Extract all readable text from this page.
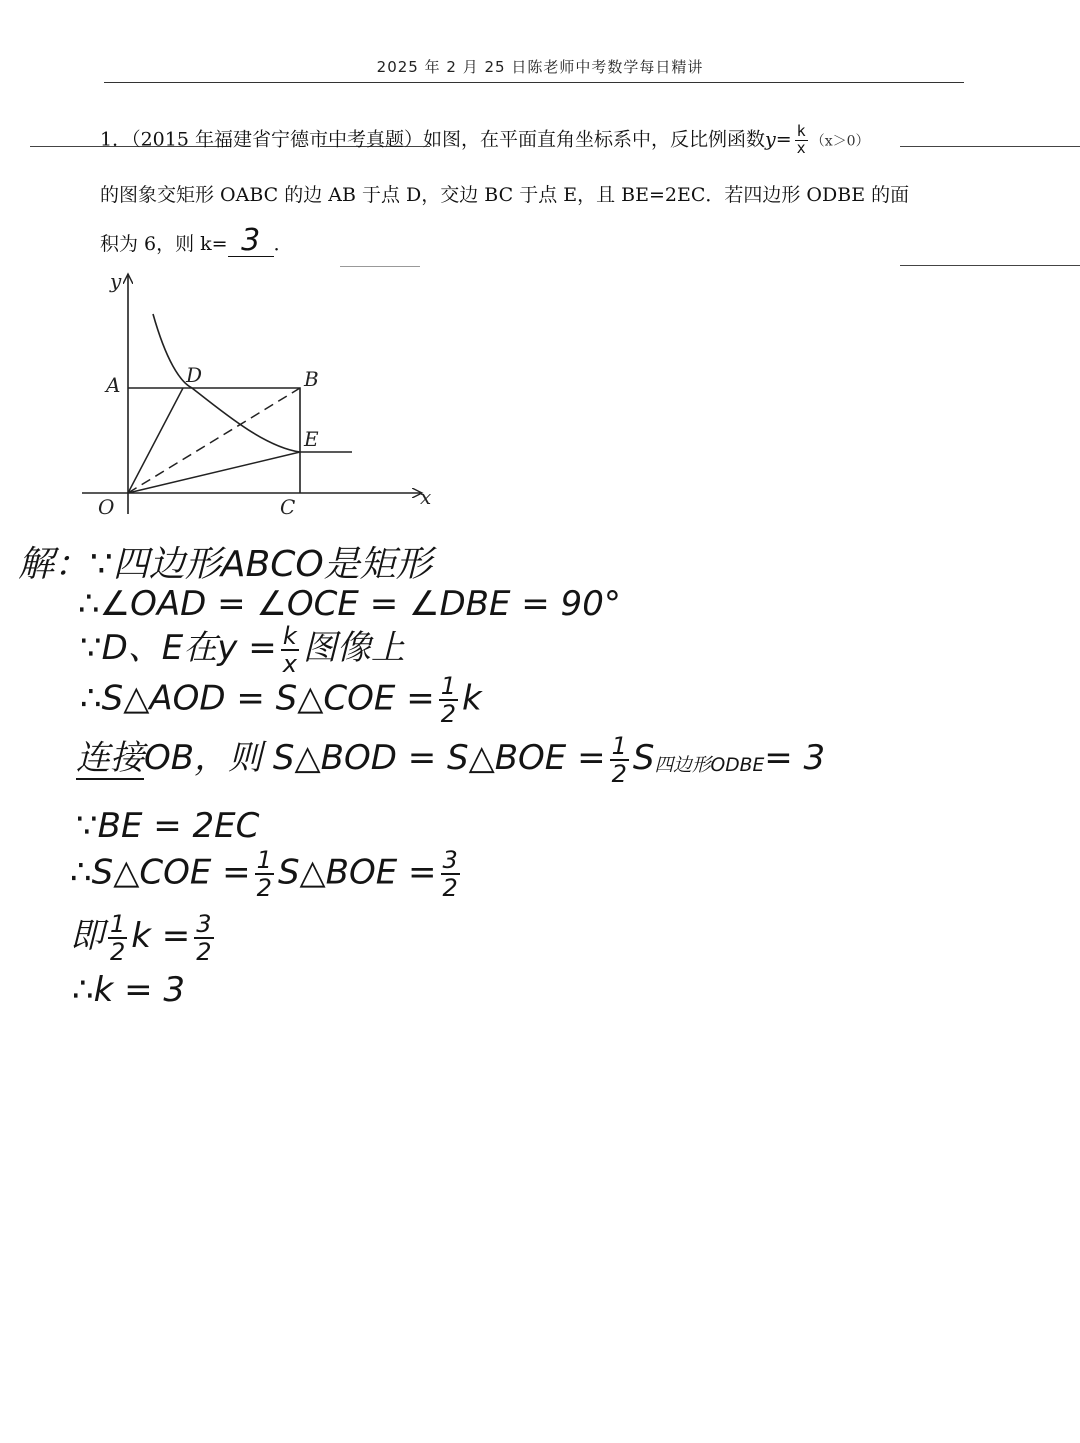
2025 年 2 月 25 日陈老师中考数学每日精讲
1．（2015 年福建省宁德市中考真题）如图，在平面直角坐标系中，反比例函数$y= \frac{k}{x} (x>0)$
的图象交矩形 OABC 的边 AB 于点 D，交边 BC 于点 E，且 BE=2EC．若四边形 ODBE 的面
积为 6，则 k= 3 ．
y
x
O
A	D	B
E
C
解：∵四边形ABCO是矩形
∴∠OAD = ∠OCE = ∠DBE = 90°
∵D、E在$y = \frac{k}{x}$ 图像上
∴S△AOD = S△COE = $\frac{1}{2}$ k
连接OB，则 S△BOD = S△BOE = $\frac{1}{2} S_{四边形ODBE}= 3$
∵BE = 2EC
∴S△COE = $\frac{1}{2}$ S△BOE = $\frac{3}{2}$
即 $\frac{1}{2}$ $k = \frac{3}{2}$
∴k = 3
